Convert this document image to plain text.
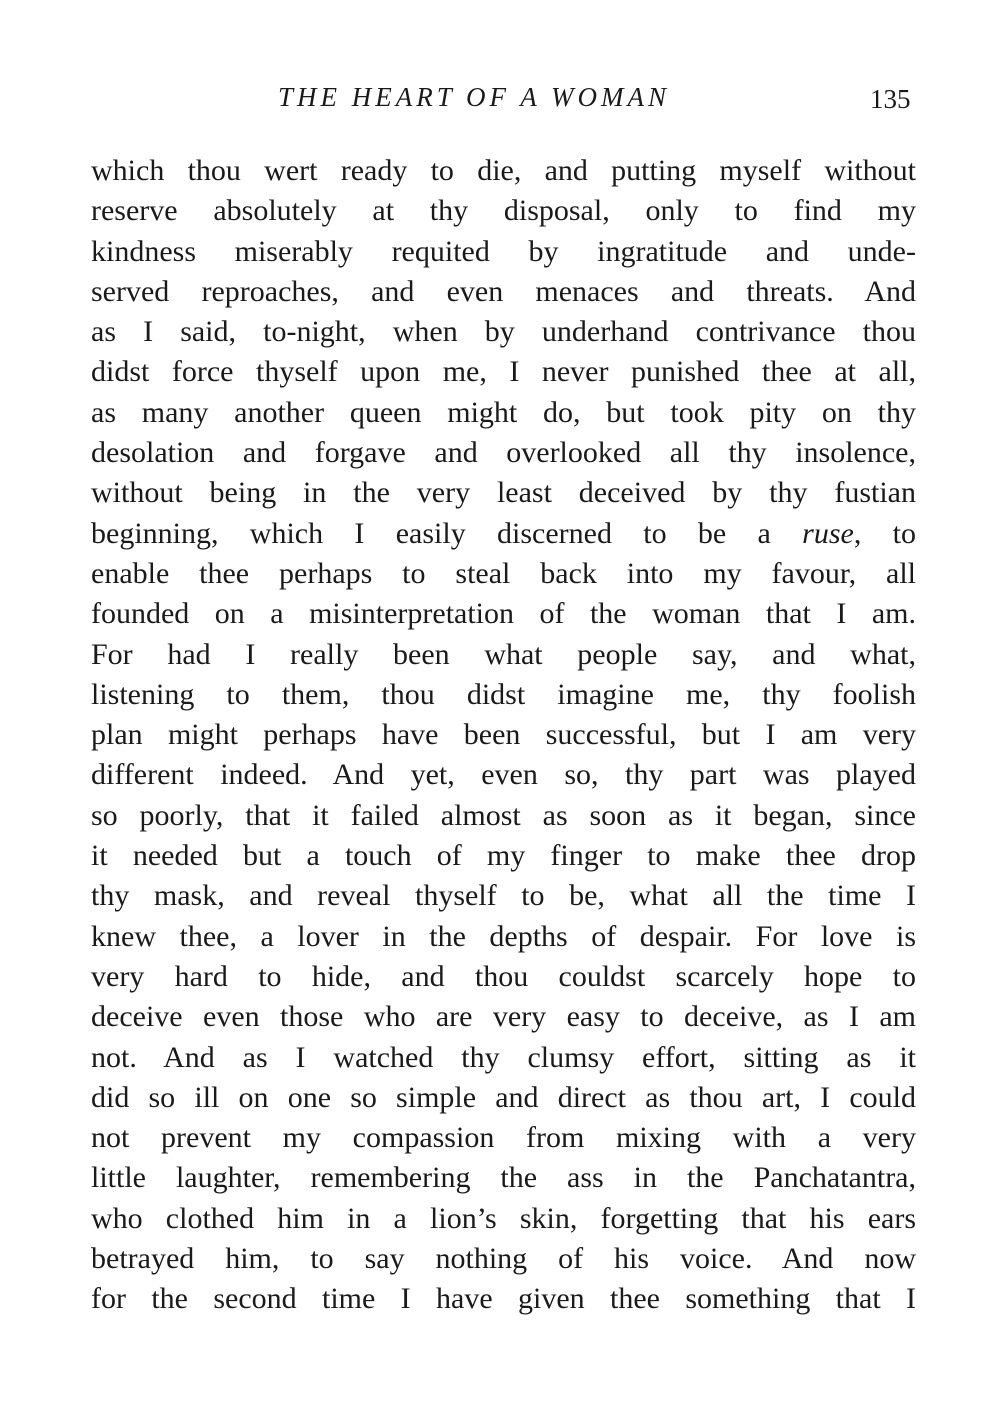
THE HEART OF A WOMAN	135
which thou wert ready to die, and putting myself without
reserve absolutely at thy disposal, only to find my
kindness miserably requited by ingratitude and unde-
served reproaches, and even menaces and threats. And
as I said, to-night, when by underhand contrivance thou
didst force thyself upon me, I never punished thee at all,
as many another queen might do, but took pity on thy
desolation and forgave and overlooked all thy insolence,
without being in the very least deceived by thy fustian
beginning, which I easily discerned to be a ruse, to
enable thee perhaps to steal back into my favour, all
founded on a misinterpretation of the woman that I am.
For had I really been what people say, and what,
listening to them, thou didst imagine me, thy foolish
plan might perhaps have been successful, but I am very
different indeed. And yet, even so, thy part was played
so poorly, that it failed almost as soon as it began, since
it needed but a touch of my finger to make thee drop
thy mask, and reveal thyself to be, what all the time I
knew thee, a lover in the depths of despair. For love is
very hard to hide, and thou couldst scarcely hope to
deceive even those who are very easy to deceive, as I am
not. And as I watched thy clumsy effort, sitting as it
did so ill on one so simple and direct as thou art, I could
not prevent my compassion from mixing with a very
little laughter, remembering the ass in the Panchatantra,
who clothed him in a lion’s skin, forgetting that his ears
betrayed him, to say nothing of his voice. And now
for the second time I have given thee something that I
